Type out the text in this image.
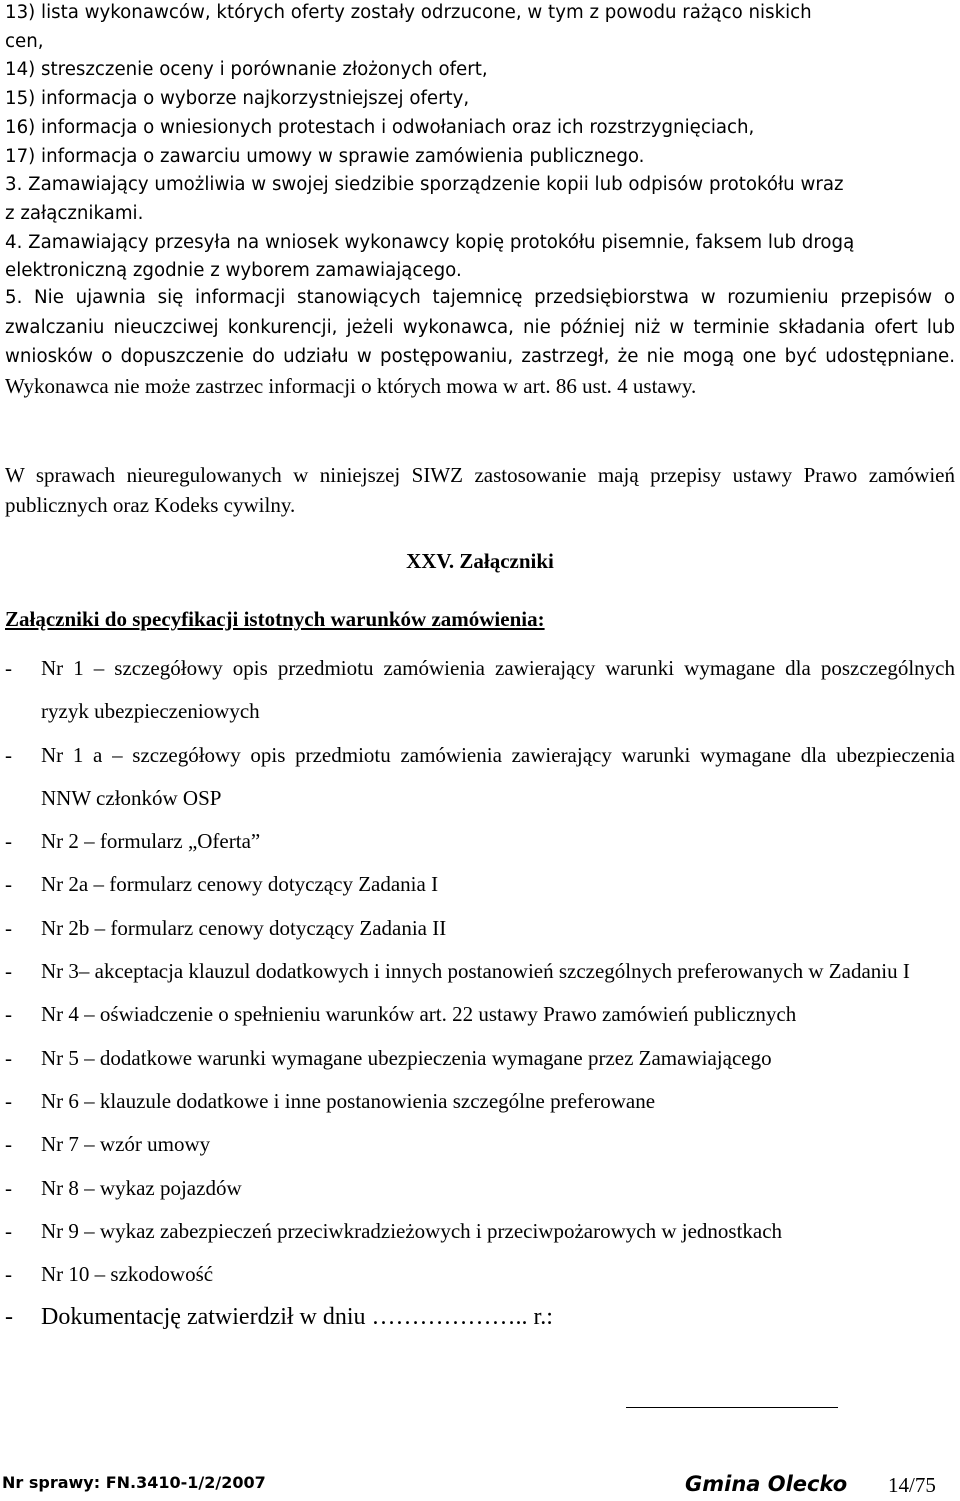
13) lista wykonawców, których oferty zostały odrzucone, w tym z powodu rażąco niskich
cen,
14) streszczenie oceny i porównanie złożonych ofert,
15) informacja o wyborze najkorzystniejszej oferty,
16) informacja o wniesionych protestach i odwołaniach oraz ich rozstrzygnięciach,
17) informacja o zawarciu umowy w sprawie zamówienia publicznego.
3. Zamawiający umożliwia w swojej siedzibie sporządzenie kopii lub odpisów protokółu wraz
z załącznikami.
4. Zamawiający przesyła na wniosek wykonawcy kopię protokółu pisemnie, faksem lub drogą
elektroniczną zgodnie z wyborem zamawiającego.
5. Nie ujawnia się informacji stanowiących tajemnicę przedsiębiorstwa w rozumieniu przepisów o zwalczaniu nieuczciwej konkurencji, jeżeli wykonawca, nie później niż w terminie składania ofert lub wniosków o dopuszczenie do udziału w postępowaniu, zastrzegł, że nie mogą one być udostępniane. Wykonawca nie może zastrzec informacji o których mowa w art. 86 ust. 4 ustawy.
W sprawach nieuregulowanych w niniejszej SIWZ zastosowanie mają przepisy ustawy Prawo zamówień publicznych oraz Kodeks cywilny.
XXV. Załączniki
Załączniki do specyfikacji istotnych warunków zamówienia:
- Nr 1 – szczegółowy opis przedmiotu zamówienia zawierający warunki wymagane dla poszczególnych ryzyk ubezpieczeniowych
- Nr 1 a – szczegółowy opis przedmiotu zamówienia zawierający warunki wymagane dla ubezpieczenia NNW członków OSP
- Nr 2 – formularz „Oferta”
- Nr 2a – formularz cenowy dotyczący Zadania I
- Nr 2b – formularz cenowy dotyczący Zadania II
- Nr 3– akceptacja klauzul dodatkowych i innych postanowień szczególnych preferowanych w Zadaniu I
- Nr 4 – oświadczenie o spełnieniu warunków art. 22 ustawy Prawo zamówień publicznych
- Nr 5 – dodatkowe warunki wymagane ubezpieczenia wymagane przez Zamawiającego
- Nr 6 – klauzule dodatkowe i inne postanowienia szczególne preferowane
- Nr 7 – wzór umowy
- Nr 8 – wykaz pojazdów
- Nr 9 – wykaz zabezpieczeń przeciwkradzieżowych i przeciwpożarowych w jednostkach
- Nr 10 – szkodowość
- Dokumentację zatwierdził w dniu ……………….. r.:
Nr sprawy: FN.3410-1/2/2007	Gmina Olecko 14/75
